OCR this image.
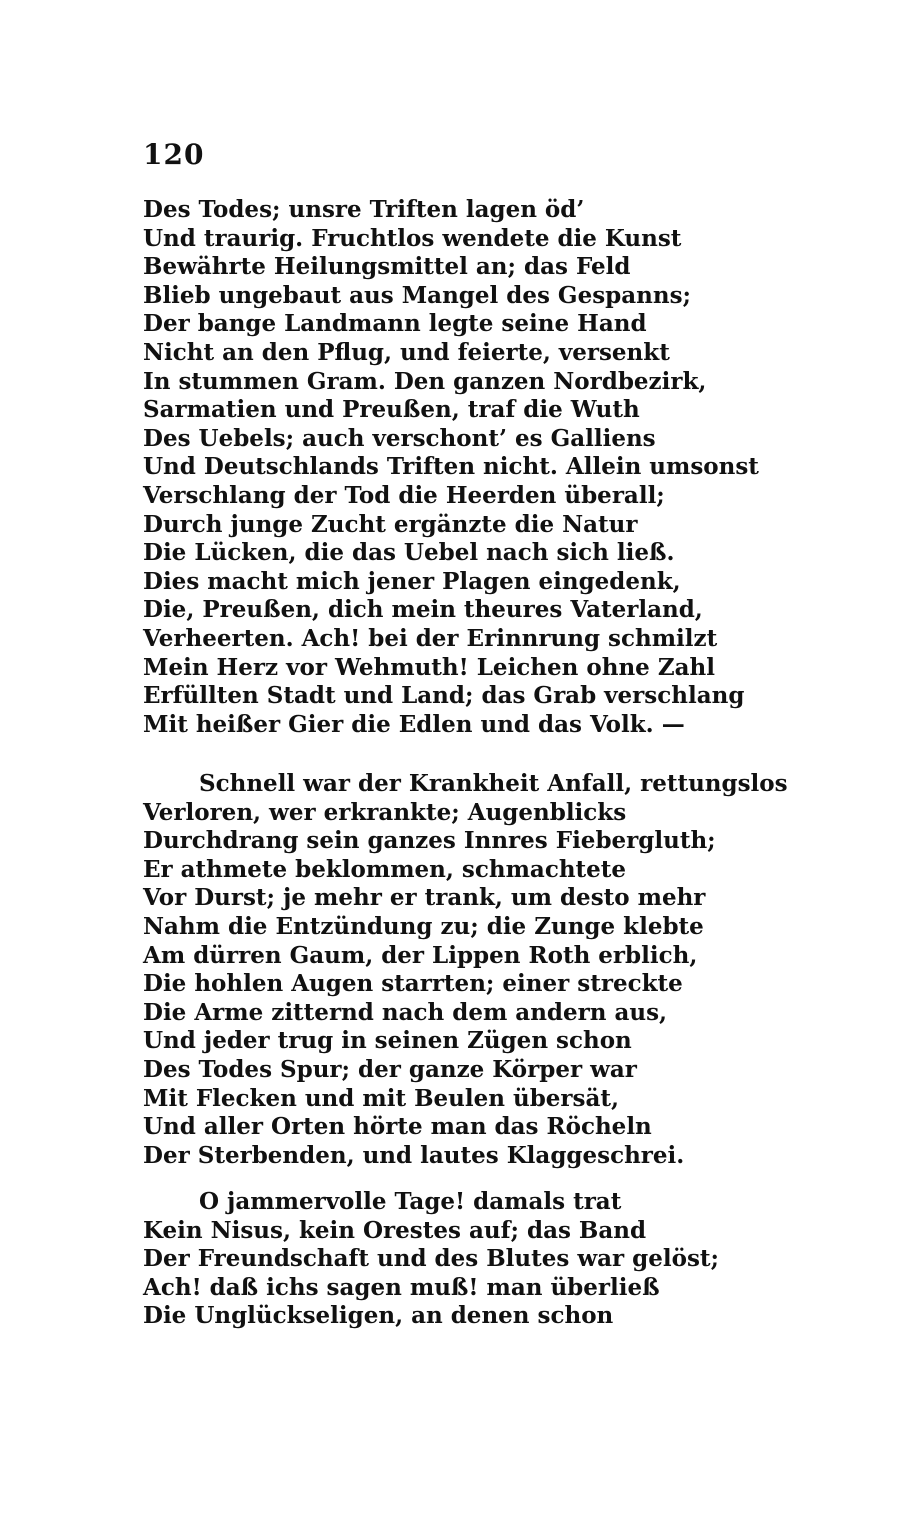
120
Des Todes; unsre Triften lagen öd’
Und traurig. Fruchtlos wendete die Kunst
Bewährte Heilungsmittel an; das Feld
Blieb ungebaut aus Mangel des Gespanns;
Der bange Landmann legte seine Hand
Nicht an den Pflug, und feierte, versenkt
In stummen Gram. Den ganzen Nordbezirk,
Sarmatien und Preußen, traf die Wuth
Des Uebels; auch verschont’ es Galliens
Und Deutschlands Triften nicht. Allein umsonst
Verschlang der Tod die Heerden überall;
Durch junge Zucht ergänzte die Natur
Die Lücken, die das Uebel nach sich ließ.
Dies macht mich jener Plagen eingedenk,
Die, Preußen, dich mein theures Vaterland,
Verheerten. Ach! bei der Erinnrung schmilzt
Mein Herz vor Wehmuth! Leichen ohne Zahl
Erfüllten Stadt und Land; das Grab verschlang
Mit heißer Gier die Edlen und das Volk. —
Schnell war der Krankheit Anfall, rettungslos
Verloren, wer erkrankte; Augenblicks
Durchdrang sein ganzes Innres Fiebergluth;
Er athmete beklommen, schmachtete
Vor Durst; je mehr er trank, um desto mehr
Nahm die Entzündung zu; die Zunge klebte
Am dürren Gaum, der Lippen Roth erblich,
Die hohlen Augen starrten; einer streckte
Die Arme zitternd nach dem andern aus,
Und jeder trug in seinen Zügen schon
Des Todes Spur; der ganze Körper war
Mit Flecken und mit Beulen übersät,
Und aller Orten hörte man das Röcheln
Der Sterbenden, und lautes Klaggeschrei.
O jammervolle Tage! damals trat
Kein Nisus, kein Orestes auf; das Band
Der Freundschaft und des Blutes war gelöst;
Ach! daß ichs sagen muß! man überließ
Die Unglückseligen, an denen schon
